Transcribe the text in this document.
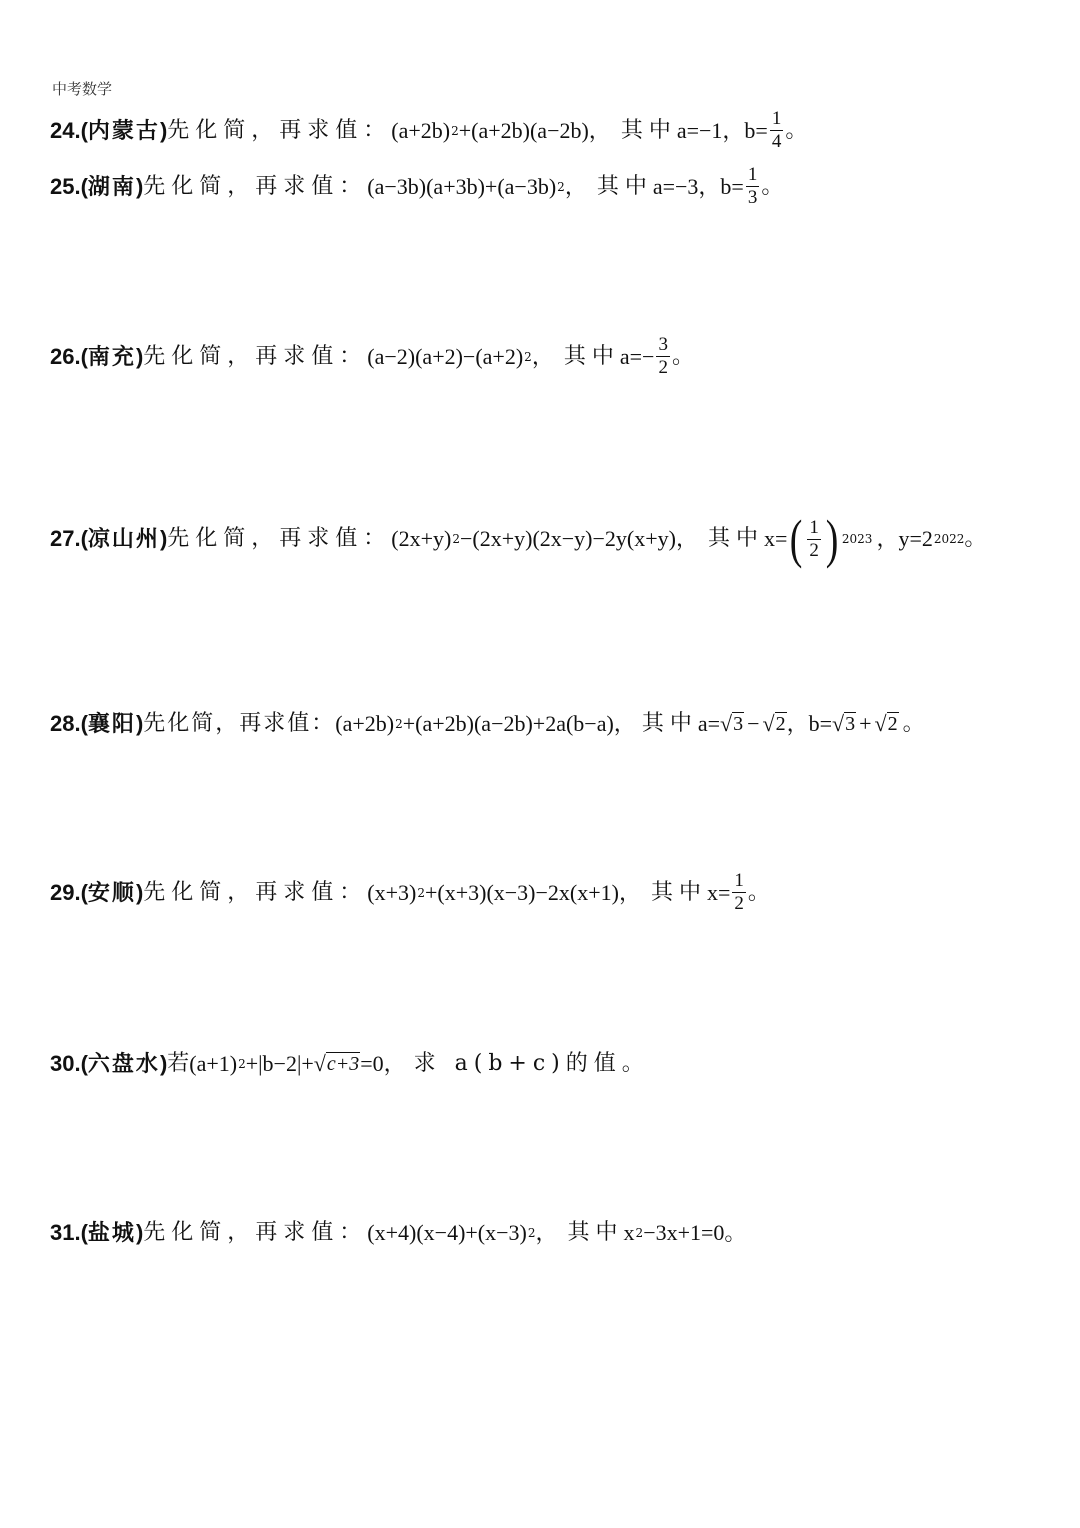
中考数学
24. ( 内蒙古 ) 先化简，再求值： (a+2b) 2 +(a+2b)(a−2b)， 其中 a=−1，$b= \frac{1}{4}$ 。
25. ( 湖南 ) 先化简，再求值： (a−3b)(a+3b)+(a−3b) 2 ， 其中 a=−3，$b= \frac{1}{3}$ 。
26. ( 南充 ) 先化简，再求值： (a−2)(a+2)−(a+2) 2 ， 其中 $a=- \frac{3}{2}$ 。
27. ( 凉山州 ) 先化简，再求值： (2x+y) 2 −(2x+y)(2x−y)−2y(x+y)， 其中 x= ( $\frac{1}{2}$ ) 2023 ，y=2 2022 。
28. ( 襄阳 ) 先化简，再求值： (a+2b) 2 +(a+2b)(a−2b)+2a(b−a)， 其中 a= √ 3 − √ 2 ，b= √ 3 + √ 2 。
29. ( 安顺 ) 先化简，再求值： (x+3) 2 +(x+3)(x−3)−2x(x+1)， 其中 $x= \frac{1}{2}$ 。
30. ( 六盘水 ) 若 (a+1) 2 +|b−2|+ √ c+3 =0， 求 a(b+c)的值。
31. ( 盐城 ) 先化简，再求值： (x+4)(x−4)+(x−3) 2 ， 其中 x 2 −3x+1=0。
